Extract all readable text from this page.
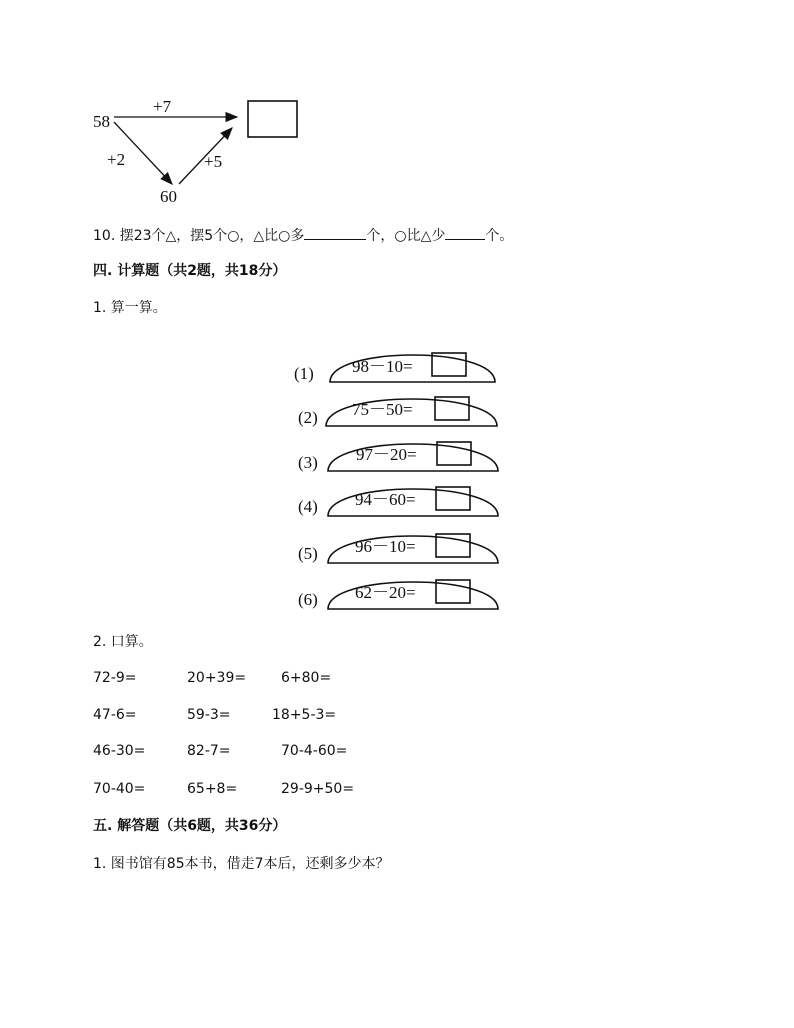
58
+7
+2	+5
60
10. 摆23个△，摆5个○，△比○多	个，○比△少	个。
四. 计算题（共2题，共18分）
1. 算一算。
(1) 98－10=
(2) 75－50=
(3) 97－20=
(4) 94－60=
(5) 96－10=
(6) 62－20=
2. 口算。
72-9=	20+39= 6+80=
47-6=	59-3=	18+5-3=
46-30=	82-7=	70-4-60=
70-40=	65+8=	29-9+50=
五. 解答题（共6题，共36分）
1. 图书馆有85本书，借走7本后，还剩多少本？
